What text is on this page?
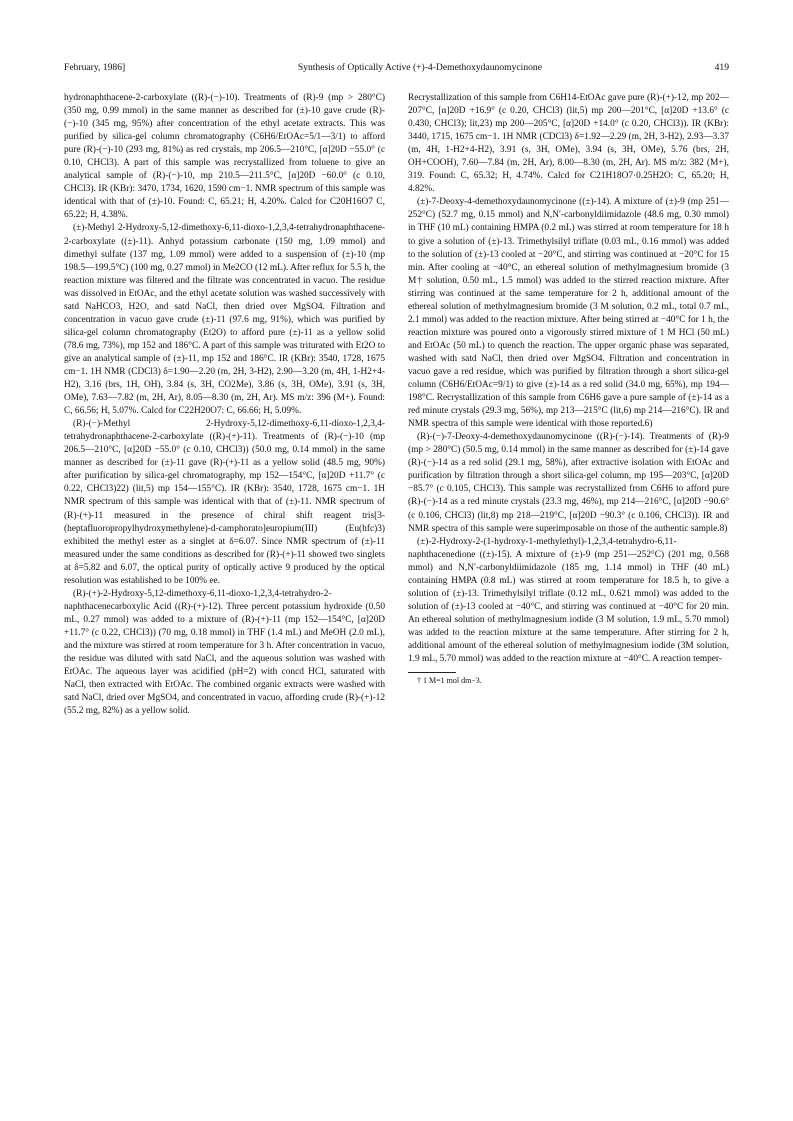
February, 1986]	Synthesis of Optically Active (+)-4-Demethoxydaunomycinone	419

hydronaphthacene-2-carboxylate ((R)-(−)-10). Treatments of (R)-9 (mp > 280°C) (350 mg, 0.99 mmol) in the same manner as described for (±)-10 gave crude (R)-(−)-10 (345 mg, 95%) after concentration of the ethyl acetate extracts. This was purified by silica-gel column chromatography (C6H6/EtOAc=5/1—3/1) to afford pure (R)-(−)-10 (293 mg, 81%) as red crystals, mp 206.5—210°C, [α]20D −55.0° (c 0.10, CHCl3). A part of this sample was recrystallized from toluene to give an analytical sample of (R)-(−)-10, mp 210.5—211.5°C, [α]20D −60.0° (c 0.10, CHCl3). IR (KBr): 3470, 1734, 1620, 1590 cm−1. NMR spectrum of this sample was identical with that of (±)-10. Found: C, 65.21; H, 4.20%. Calcd for C20H16O7 C, 65.22; H, 4.38%.

(±)-Methyl 2-Hydroxy-5,12-dimethoxy-6,11-dioxo-1,2,3,4-tetrahydronaphthacene-2-carboxylate ((±)-11). Anhyd potassium carbonate (150 mg, 1.09 mmol) and dimethyl sulfate (137 mg, 1.09 mmol) were added to a suspension of (±)-10 (mp 198.5—199.5°C) (100 mg, 0.27 mmol) in Me2CO (12 mL). After reflux for 5.5 h, the reaction mixture was filtered and the filtrate was concentrated in vacuo. The residue was dissolved in EtOAc, and the ethyl acetate solution was washed successively with satd NaHCO3, H2O, and satd NaCl, then dried over MgSO4. Filtration and concentration in vacuo gave crude (±)-11 (97.6 mg, 91%), which was purified by silica-gel column chromatography (Et2O) to afford pure (±)-11 as a yellow solid (78.6 mg, 73%), mp 152 and 186°C. A part of this sample was triturated with Et2O to give an analytical sample of (±)-11, mp 152 and 186°C. IR (KBr): 3540, 1728, 1675 cm−1. 1H NMR (CDCl3) δ=1.90—2.20 (m, 2H, 3-H2), 2.90—3.20 (m, 4H, 1-H2+4-H2), 3.16 (brs, 1H, OH), 3.84 (s, 3H, CO2Me), 3.86 (s, 3H, OMe), 3.91 (s, 3H, OMe), 7.63—7.82 (m, 2H, Ar), 8.05—8.30 (m, 2H, Ar). MS m/z: 396 (M+). Found: C, 66.56; H, 5.07%. Calcd for C22H20O7: C, 66.66; H, 5.09%.

(R)-(−)-Methyl 2-Hydroxy-5,12-dimethoxy-6,11-dioxo-1,2,3,4-tetrahydronaphthacene-2-carboxylate ((R)-(+)-11). Treatments of (R)-(−)-10 (mp 206.5—210°C, [α]20D −55.0° (c 0.10, CHCl3)) (50.0 mg, 0.14 mmol) in the same manner as described for (±)-11 gave (R)-(+)-11 as a yellow solid (48.5 mg, 90%) after purification by silica-gel chromatography, mp 152—154°C, [α]20D +11.7° (c 0.22, CHCl3)22) (lit,5) mp 154—155°C). IR (KBr): 3540, 1728, 1675 cm−1. 1H NMR spectrum of this sample was identical with that of (±)-11. NMR spectrum of (R)-(+)-11 measured in the presence of chiral shift reagent tris[3-(heptafluoropropylhydroxymethylene)-d-camphorato]europium(III) (Eu(hfc)3) exhibited the methyl ester as a singlet at δ=6.07. Since NMR spectrum of (±)-11 measured under the same conditions as described for (R)-(+)-11 showed two singlets at δ=5.82 and 6.07, the optical purity of optically active 9 produced by the optical resolution was established to be 100% ee.

(R)-(+)-2-Hydroxy-5,12-dimethoxy-6,11-dioxo-1,2,3,4-tetrahydro-2-naphthacenecarboxylic Acid ((R)-(+)-12). Three percent potassium hydroxide (0.50 mL, 0.27 mmol) was added to a mixture of (R)-(+)-11 (mp 152—154°C, [α]20D +11.7° (c 0.22, CHCl3)) (70 mg, 0.18 mmol) in THF (1.4 mL) and MeOH (2.0 mL), and the mixture was stirred at room temperature for 3 h. After concentration in vacuo, the residue was diluted with satd NaCl, and the aqueous solution was washed with EtOAc. The aqueous layer was acidified (pH=2) with concd HCl, saturated with NaCl, then extracted with EtOAc. The combined organic extracts were washed with satd NaCl, dried over MgSO4, and concentrated in vacuo, affording crude (R)-(+)-12 (55.2 mg, 82%) as a yellow solid.

Recrystallization of this sample from C6H14-EtOAc gave pure (R)-(+)-12, mp 202—207°C, [α]20D +16.9° (c 0.20, CHCl3) (lit,5) mp 200—201°C, [α]20D +13.6° (c 0.430, CHCl3); lit,23) mp 200—205°C, [α]20D +14.0° (c 0.20, CHCl3)). IR (KBr): 3440, 1715, 1675 cm−1. 1H NMR (CDCl3) δ=1.92—2.29 (m, 2H, 3-H2), 2.93—3.37 (m, 4H, 1-H2+4-H2), 3.91 (s, 3H, OMe), 3.94 (s, 3H, OMe), 5.76 (brs, 2H, OH+COOH), 7.60—7.84 (m, 2H, Ar), 8.00—8.30 (m, 2H, Ar). MS m/z: 382 (M+), 319. Found: C, 65.32; H, 4.74%. Calcd for C21H18O7·0.25H2O: C, 65.20; H, 4.82%.

(±)-7-Deoxy-4-demethoxydaunomycinone ((±)-14). A mixture of (±)-9 (mp 251—252°C) (52.7 mg, 0.15 mmol) and N,N′-carbonyldiimidazole (48.6 mg, 0.30 mmol) in THF (10 mL) containing HMPA (0.2 mL) was stirred at room temperature for 18 h to give a solution of (±)-13. Trimethylsilyl triflate (0.03 mL, 0.16 mmol) was added to the solution of (±)-13 cooled at −20°C, and stirring was continued at −20°C for 15 min. After cooling at −40°C, an ethereal solution of methylmagnesium bromide (3 M† solution, 0.50 mL, 1.5 mmol) was added to the stirred reaction mixture. After stirring was continued at the same temperature for 2 h, additional amount of the ethereal solution of methylmagnesium bromide (3 M solution, 0.2 mL, total 0.7 mL, 2.1 mmol) was added to the reaction mixture. After being stirred at −40°C for 1 h, the reaction mixture was poured onto a vigorously stirred mixture of 1 M HCl (50 mL) and EtOAc (50 mL) to quench the reaction. The upper organic phase was separated, washed with satd NaCl, then dried over MgSO4. Filtration and concentration in vacuo gave a red residue, which was purified by filtration through a short silica-gel column (C6H6/EtOAc=9/1) to give (±)-14 as a red solid (34.0 mg, 65%), mp 194—198°C. Recrystallization of this sample from C6H6 gave a pure sample of (±)-14 as a red minute crystals (29.3 mg, 56%), mp 213—215°C (lit,6) mp 214—216°C). IR and NMR spectra of this sample were identical with those reported.6)

(R)-(−)-7-Deoxy-4-demethoxydaunomycinone ((R)-(−)-14). Treatments of (R)-9 (mp > 280°C) (50.5 mg, 0.14 mmol) in the same manner as described for (±)-14 gave (R)-(−)-14 as a red solid (29.1 mg, 58%), after extractive isolation with EtOAc and purification by filtration through a short silica-gel column, mp 195—203°C, [α]20D −85.7° (c 0.105, CHCl3). This sample was recrystallized from C6H6 to afford pure (R)-(−)-14 as a red minute crystals (23.3 mg, 46%), mp 214—216°C, [α]20D −90.6° (c 0.106, CHCl3) (lit,8) mp 218—219°C, [α]20D −90.3° (c 0.106, CHCl3)). IR and NMR spectra of this sample were superimposable on those of the authentic sample.8)

(±)-2-Hydroxy-2-(1-hydroxy-1-methylethyl)-1,2,3,4-tetrahydro-6,11-naphthacenedione ((±)-15). A mixture of (±)-9 (mp 251—252°C) (201 mg, 0.568 mmol) and N,N′-carbonyldiimidazole (185 mg, 1.14 mmol) in THF (40 mL) containing HMPA (0.8 mL) was stirred at room temperature for 18.5 h, to give a solution of (±)-13. Trimethylsilyl triflate (0.12 mL, 0.621 mmol) was added to the solution of (±)-13 cooled at −40°C, and stirring was continued at −40°C for 20 min. An ethereal solution of methylmagnesium iodide (3 M solution, 1.9 mL, 5.70 mmol) was added to the reaction mixture at the same temperature. After stirring for 2 h, additional amount of the ethereal solution of methylmagnesium iodide (3M solution, 1.9 mL, 5.70 mmol) was added to the reaction mixture at −40°C. A reaction temper-

† 1 M=1 mol dm−3.
